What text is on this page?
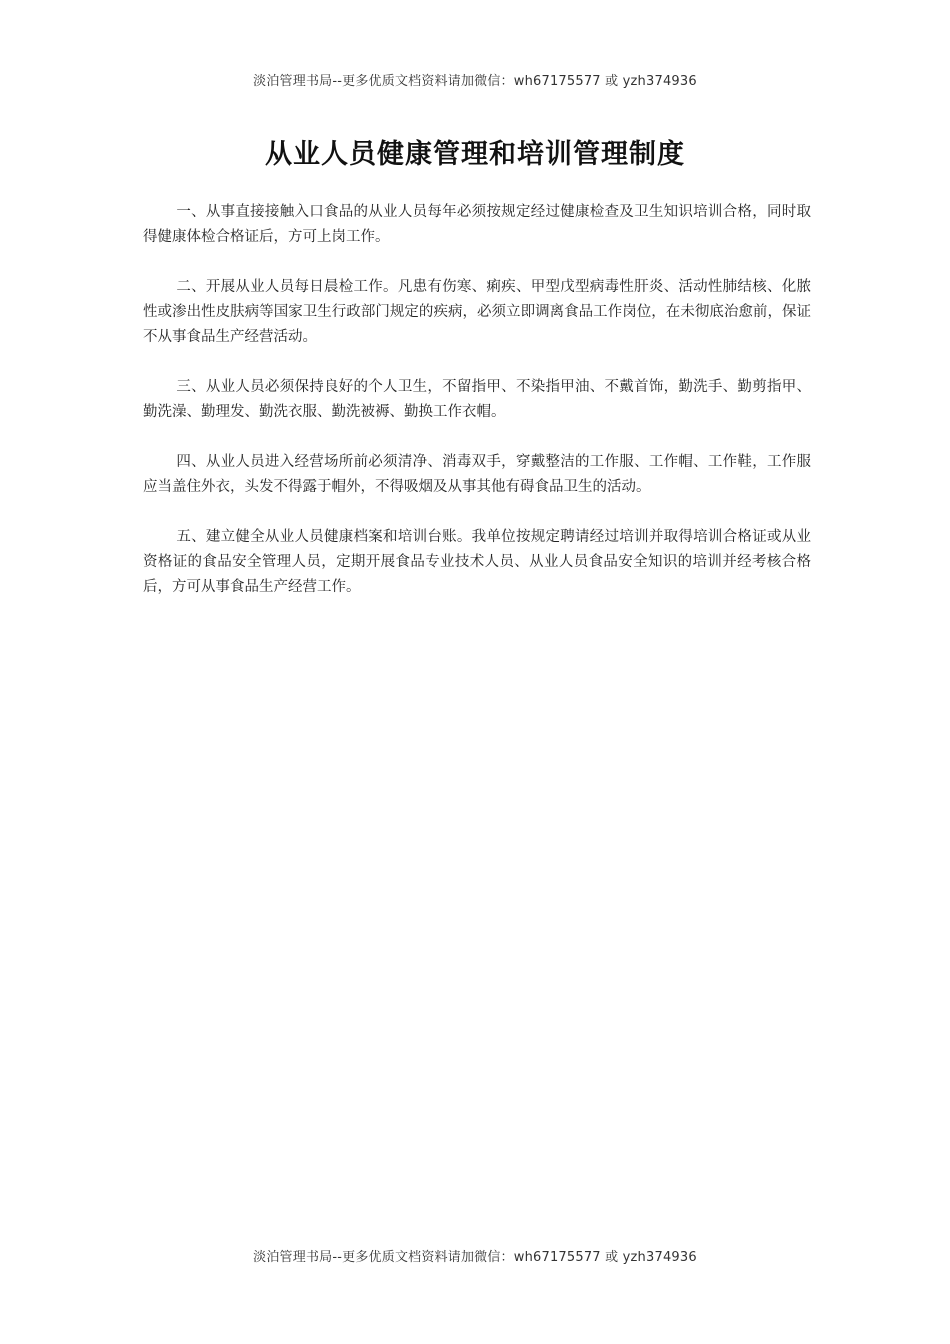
淡泊管理书局--更多优质文档资料请加微信：wh67175577 或 yzh374936
从业人员健康管理和培训管理制度

一、从事直接接触入口食品的从业人员每年必须按规定经过健康检查及卫生知识培训合格，同时取得健康体检合格证后，方可上岗工作。

二、开展从业人员每日晨检工作。凡患有伤寒、痢疾、甲型戊型病毒性肝炎、活动性肺结核、化脓性或渗出性皮肤病等国家卫生行政部门规定的疾病，必须立即调离食品工作岗位，在未彻底治愈前，保证不从事食品生产经营活动。

三、从业人员必须保持良好的个人卫生，不留指甲、不染指甲油、不戴首饰，勤洗手、勤剪指甲、勤洗澡、勤理发、勤洗衣服、勤洗被褥、勤换工作衣帽。

四、从业人员进入经营场所前必须清净、消毒双手，穿戴整洁的工作服、工作帽、工作鞋，工作服应当盖住外衣，头发不得露于帽外，不得吸烟及从事其他有碍食品卫生的活动。

五、建立健全从业人员健康档案和培训台账。我单位按规定聘请经过培训并取得培训合格证或从业资格证的食品安全管理人员，定期开展食品专业技术人员、从业人员食品安全知识的培训并经考核合格后，方可从事食品生产经营工作。

淡泊管理书局--更多优质文档资料请加微信：wh67175577 或 yzh374936
